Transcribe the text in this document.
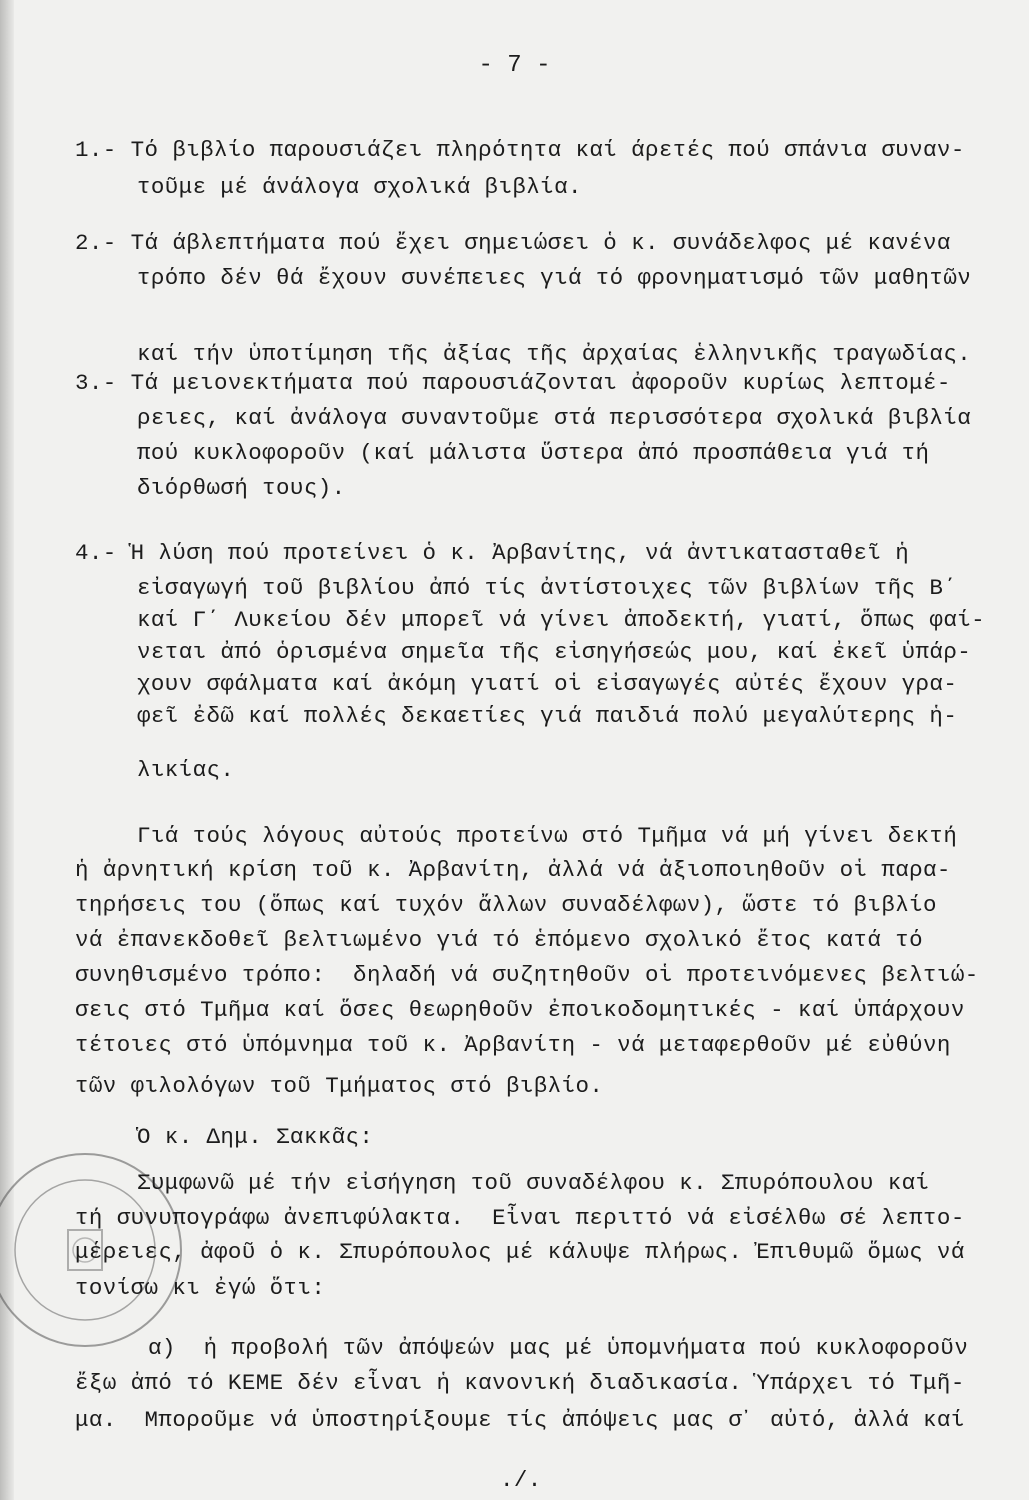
- 7 -
1.- Τό βιβλίο παρουσιάζει πληρότητα καί άρετές πού σπάνια συναν-
τοῦμε μέ άνάλογα σχολικά βιβλία.
2.- Τά άβλεπτήματα πού ἔχει σημειώσει ὁ κ. συνάδελφος μέ κανένα
τρόπο δέν θά ἔχουν συνέπειες γιά τό φρονηματισμό τῶν μαθητῶν
καί τήν ὑποτίμηση τῆς ἀξίας τῆς ἀρχαίας ἑλληνικῆς τραγωδίας.
3.- Τά μειονεκτήματα πού παρουσιάζονται ἀφοροῦν κυρίως λεπτομέ-
ρειες, καί ἀνάλογα συναντοῦμε στά περισσότερα σχολικά βιβλία
πού κυκλοφοροῦν (καί μάλιστα ὕστερα ἀπό προσπάθεια γιά τή
διόρθωσή τους).
4.- Ἡ λύση πού προτείνει ὁ κ. Ἀρβανίτης, νά ἀντικατασταθεῖ ἡ
εἰσαγωγή τοῦ βιβλίου ἀπό τίς ἀντίστοιχες τῶν βιβλίων τῆς Β΄
καί Γ΄ Λυκείου δέν μπορεῖ νά γίνει ἀποδεκτή, γιατί, ὅπως φαί-
νεται ἀπό ὁρισμένα σημεῖα τῆς εἰσηγήσεώς μου, καί ἐκεῖ ὑπάρ-
χουν σφάλματα καί ἀκόμη γιατί οἱ εἰσαγωγές αὐτές ἔχουν γρα-
φεῖ ἐδῶ καί πολλές δεκαετίες γιά παιδιά πολύ μεγαλύτερης ἡ-
λικίας.
Γιά τούς λόγους αὐτούς προτείνω στό Τμῆμα νά μή γίνει δεκτή
ἡ ἀρνητική κρίση τοῦ κ. Ἀρβανίτη, ἀλλά νά ἀξιοποιηθοῦν οἱ παρα-
τηρήσεις του (ὅπως καί τυχόν ἄλλων συναδέλφων), ὥστε τό βιβλίο
νά ἐπανεκδοθεῖ βελτιωμένο γιά τό ἑπόμενο σχολικό ἔτος κατά τό
συνηθισμένο τρόπο:  δηλαδή νά συζητηθοῦν οἱ προτεινόμενες βελτιώ-
σεις στό Τμῆμα καί ὅσες θεωρηθοῦν ἐποικοδομητικές - καί ὑπάρχουν
τέτοιες στό ὑπόμνημα τοῦ κ. Ἀρβανίτη - νά μεταφερθοῦν μέ εὐθύνη
τῶν φιλολόγων τοῦ Τμήματος στό βιβλίο.
Ὁ κ. Δημ. Σακκᾶς:
Συμφωνῶ μέ τήν εἰσήγηση τοῦ συναδέλφου κ. Σπυρόπουλου καί
τή συνυπογράφω ἀνεπιφύλακτα.  Εἶναι περιττό νά εἰσέλθω σέ λεπτο-
μέρειες, ἀφοῦ ὁ κ. Σπυρόπουλος μέ κάλυψε πλήρως. Ἐπιθυμῶ ὅμως νά
τονίσω κι ἐγώ ὅτι:
α)  ἡ προβολή τῶν ἀπόψεών μας μέ ὑπομνήματα πού κυκλοφοροῦν
ἔξω ἀπό τό ΚΕΜΕ δέν εἶναι ἡ κανονική διαδικασία. Ὑπάρχει τό Τμῆ-
μα.  Μποροῦμε νά ὑποστηρίξουμε τίς ἀπόψεις μας σ᾽ αὐτό, ἀλλά καί
./.
